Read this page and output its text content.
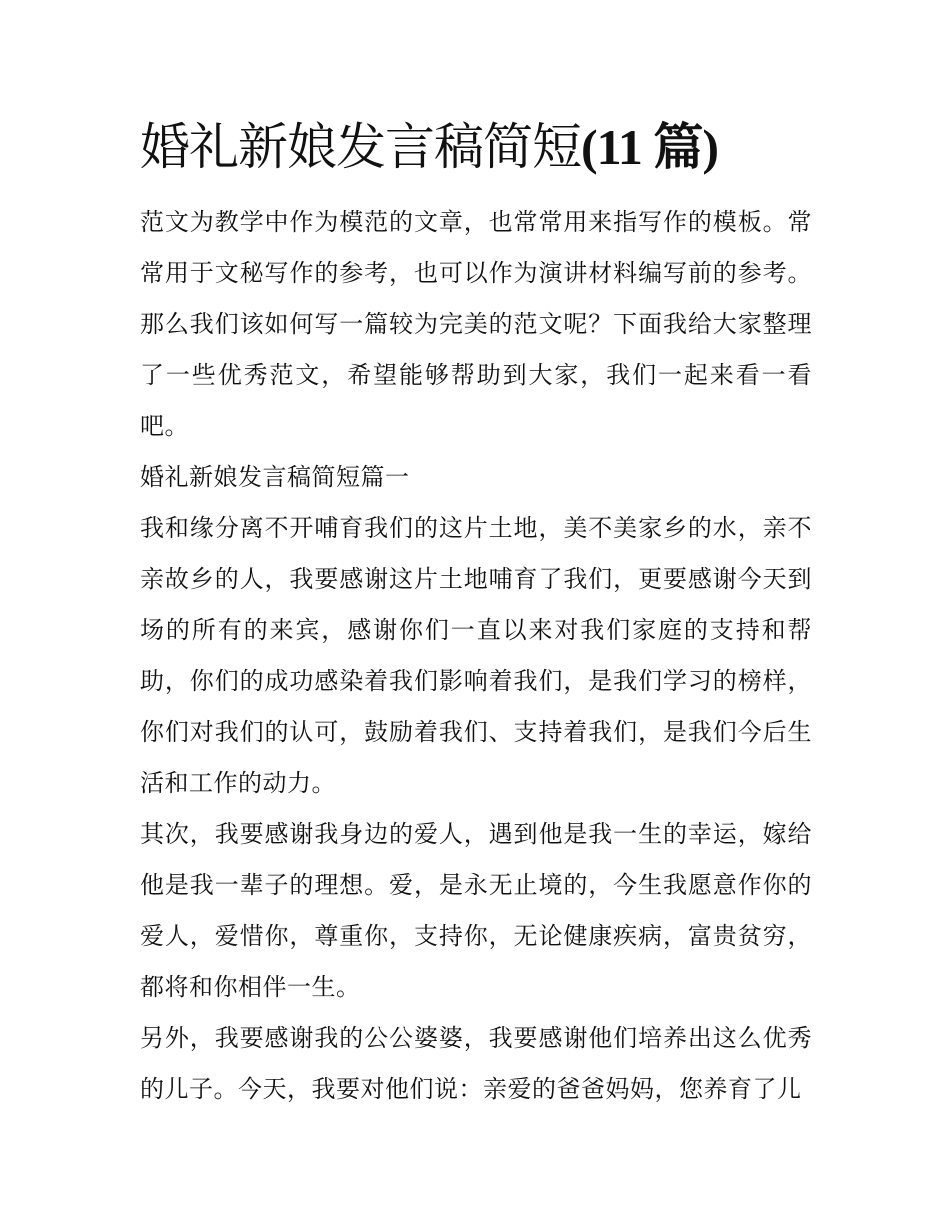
婚礼新娘发言稿简短(11 篇)

范文为教学中作为模范的文章，也常常用来指写作的模板。常常用于文秘写作的参考，也可以作为演讲材料编写前的参考。那么我们该如何写一篇较为完美的范文呢？下面我给大家整理了一些优秀范文，希望能够帮助到大家，我们一起来看一看吧。

婚礼新娘发言稿简短篇一

我和缘分离不开哺育我们的这片土地，美不美家乡的水，亲不亲故乡的人，我要感谢这片土地哺育了我们，更要感谢今天到场的所有的来宾，感谢你们一直以来对我们家庭的支持和帮助，你们的成功感染着我们影响着我们，是我们学习的榜样，你们对我们的认可，鼓励着我们、支持着我们，是我们今后生活和工作的动力。

其次，我要感谢我身边的爱人，遇到他是我一生的幸运，嫁给他是我一辈子的理想。爱，是永无止境的，今生我愿意作你的爱人，爱惜你，尊重你，支持你，无论健康疾病，富贵贫穷，都将和你相伴一生。

另外，我要感谢我的公公婆婆，我要感谢他们培养出这么优秀的儿子。今天，我要对他们说：亲爱的爸爸妈妈，您养育了儿
